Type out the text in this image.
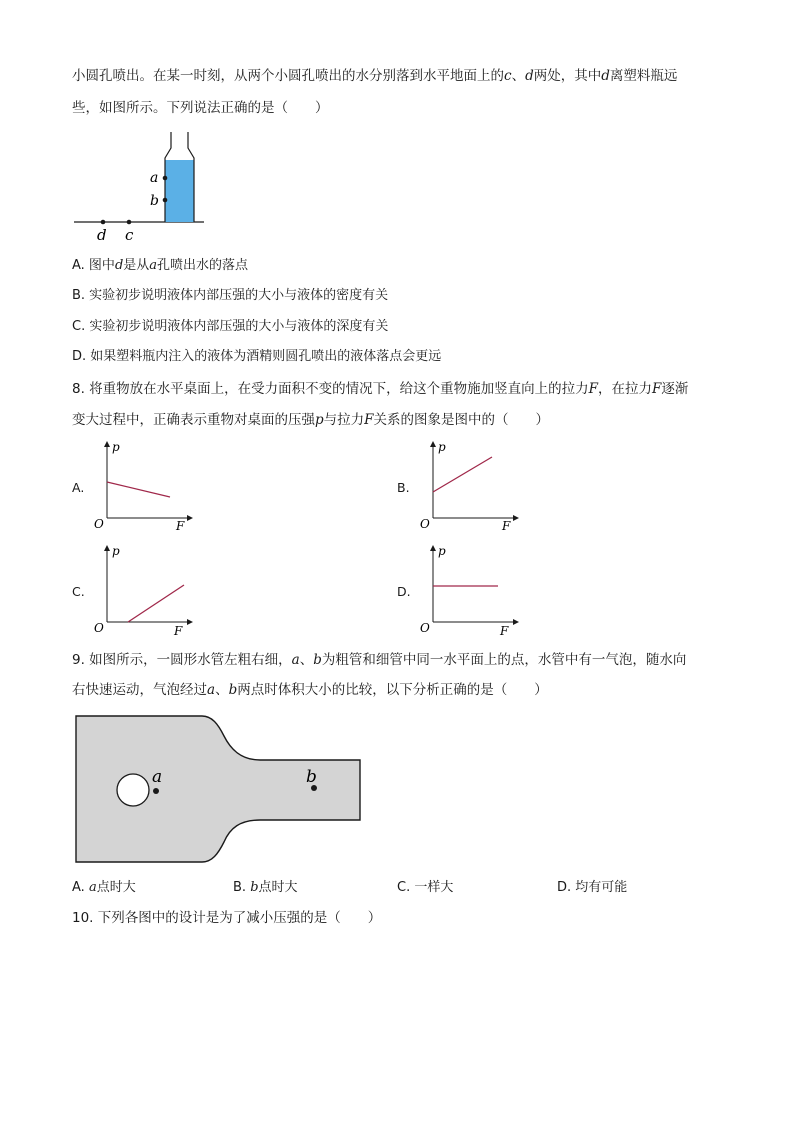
小圆孔喷出。在某一时刻，从两个小圆孔喷出的水分别落到水平地面上的c、d两处，其中d离塑料瓶远
些，如图所示。下列说法正确的是（　　）
a
b
d c
A. 图中d是从a孔喷出水的落点
B. 实验初步说明液体内部压强的大小与液体的密度有关
C. 实验初步说明液体内部压强的大小与液体的深度有关
D. 如果塑料瓶内注入的液体为酒精则圆孔喷出的液体落点会更远
8. 将重物放在水平桌面上，在受力面积不变的情况下，给这个重物施加竖直向上的拉力F，在拉力F逐渐
变大过程中，正确表示重物对桌面的压强p与拉力F关系的图象是图中的（　　）
A.	B.
C.	D.
p
F
O
p
F
O
p
F
O
p
F
O
9. 如图所示，一圆形水管左粗右细，a、b为粗管和细管中同一水平面上的点，水管中有一气泡，随水向
右快速运动，气泡经过a、b两点时体积大小的比较，以下分析正确的是（　　）
a	b
A. a点时大	B. b点时大	C. 一样大	D. 均有可能
10. 下列各图中的设计是为了减小压强的是（　　）
